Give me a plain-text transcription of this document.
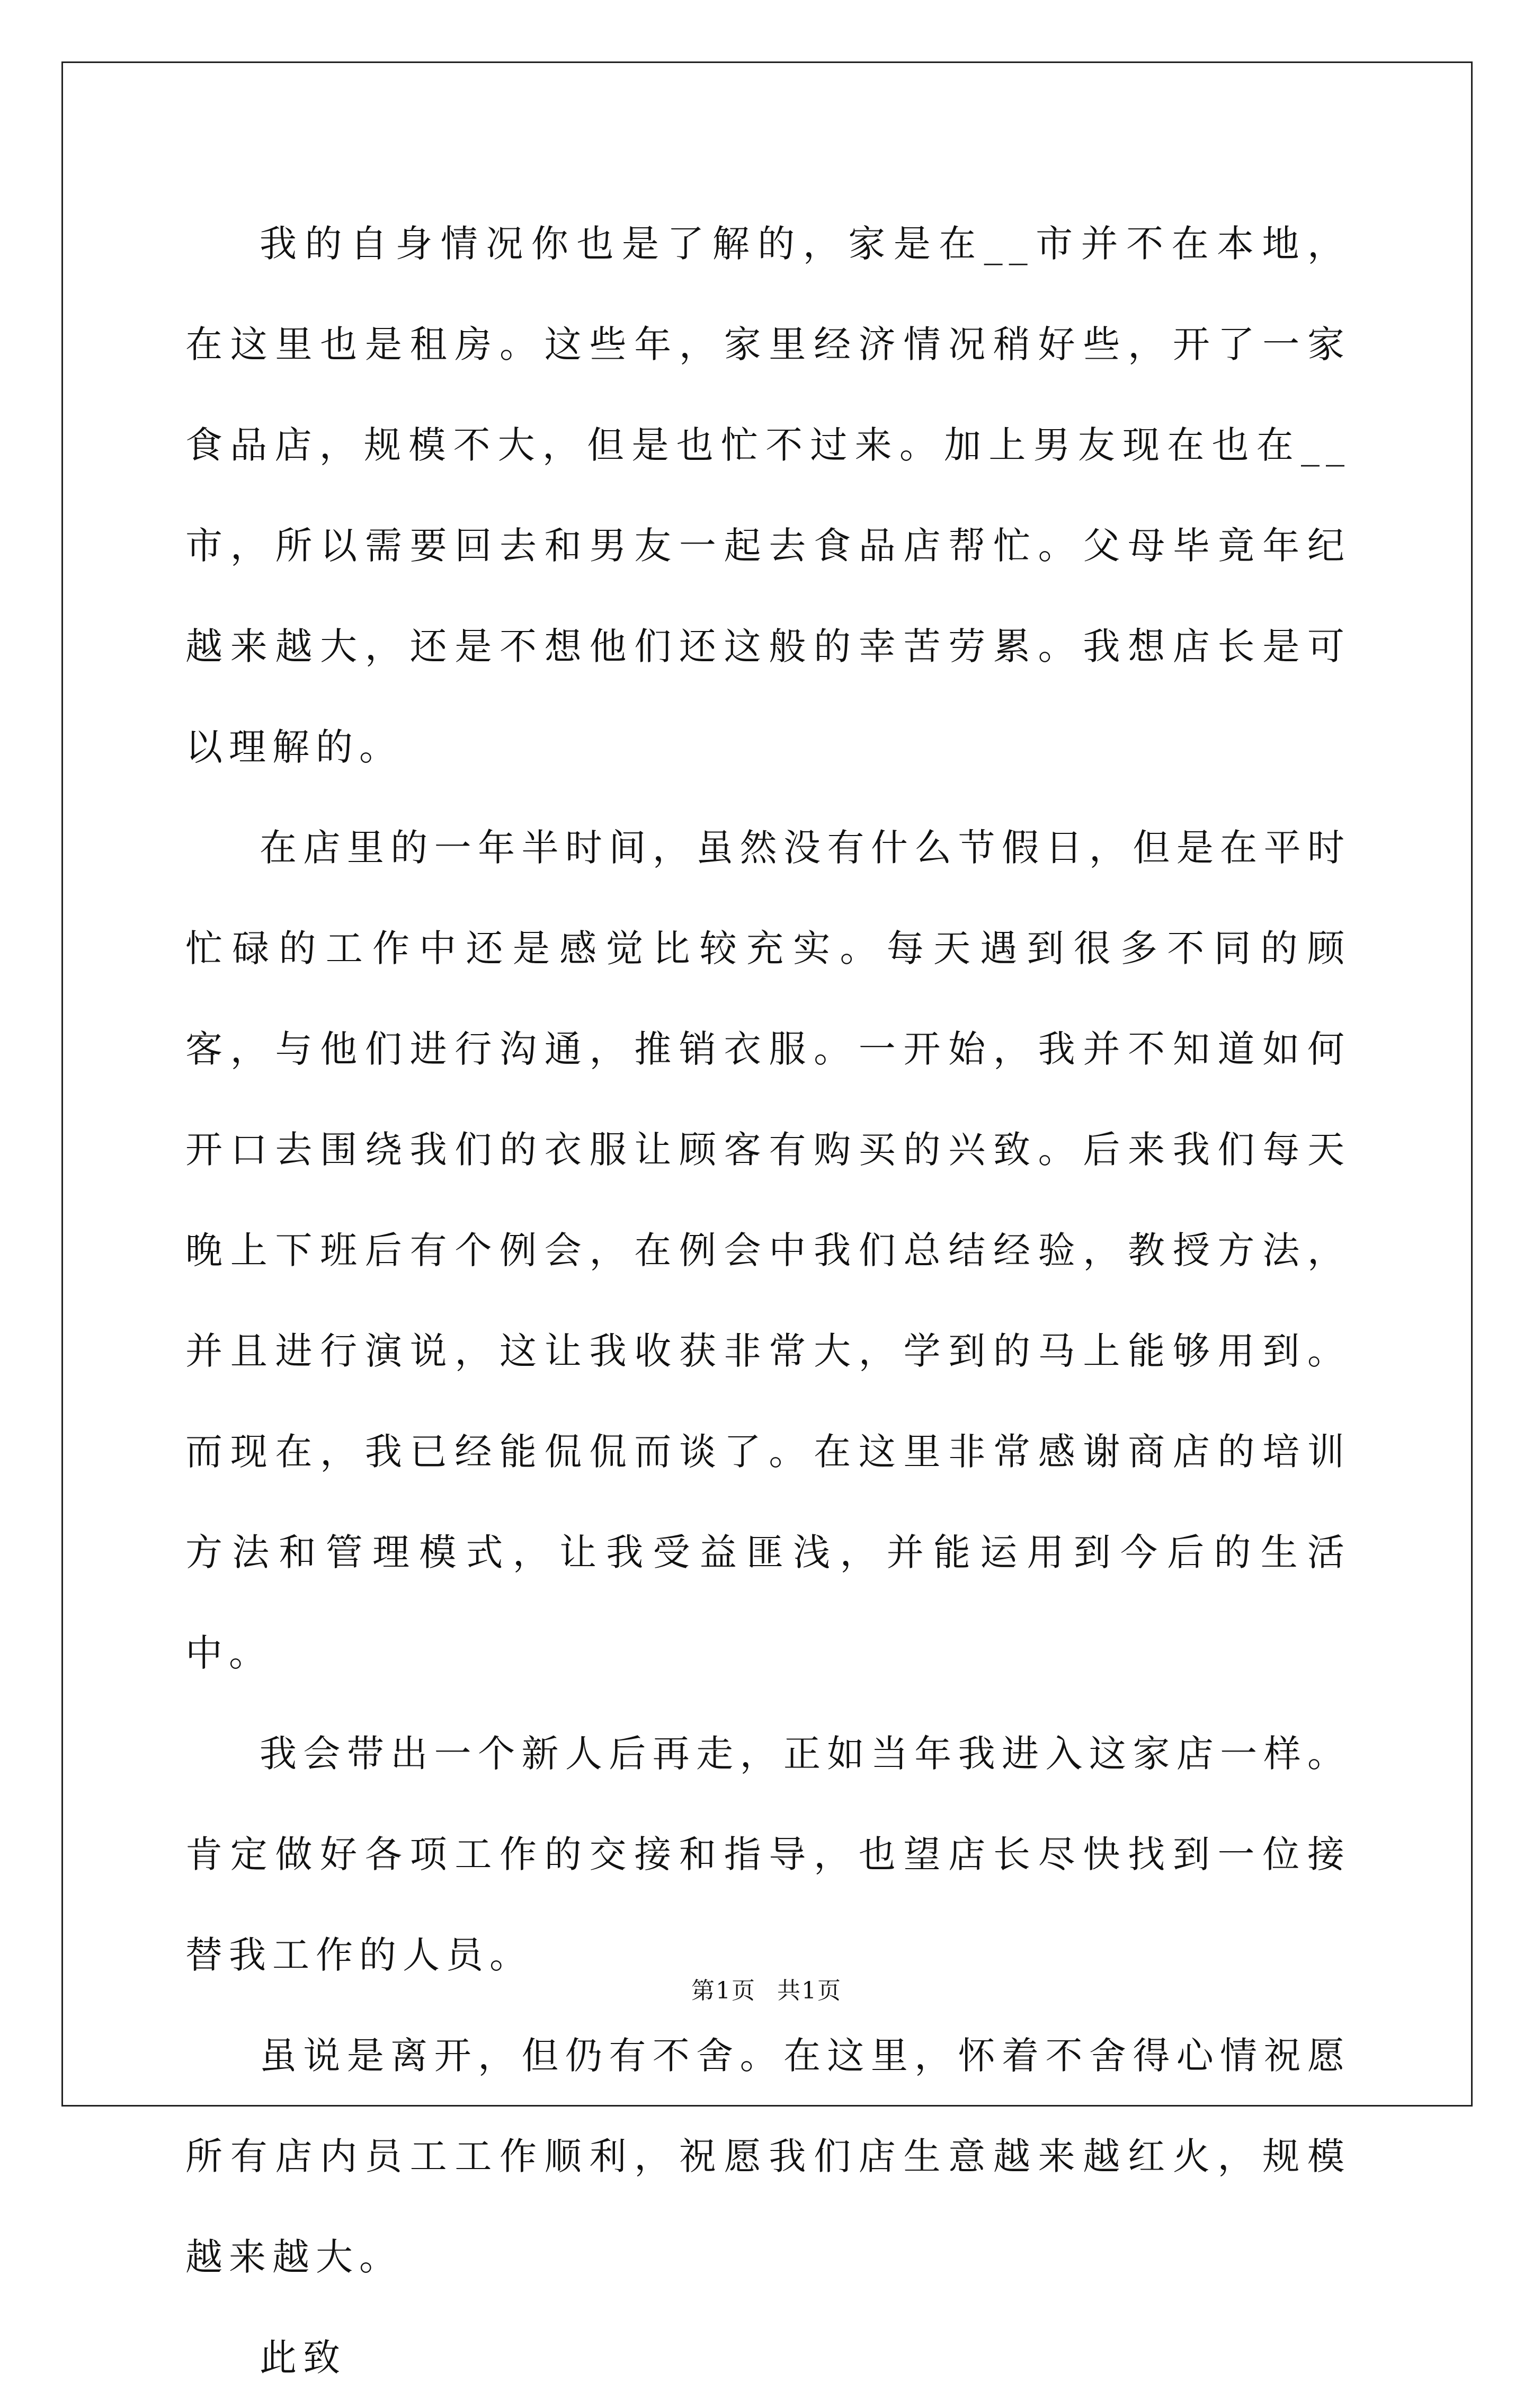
我的自身情况你也是了解的，家是在__市并不在本地，在这里也是租房。这些年，家里经济情况稍好些，开了一家食品店，规模不大，但是也忙不过来。加上男友现在也在__市，所以需要回去和男友一起去食品店帮忙。父母毕竟年纪越来越大，还是不想他们还这般的幸苦劳累。我想店长是可以理解的。

在店里的一年半时间，虽然没有什么节假日，但是在平时忙碌的工作中还是感觉比较充实。每天遇到很多不同的顾客，与他们进行沟通，推销衣服。一开始，我并不知道如何开口去围绕我们的衣服让顾客有购买的兴致。后来我们每天晚上下班后有个例会，在例会中我们总结经验，教授方法，并且进行演说，这让我收获非常大，学到的马上能够用到。而现在，我已经能侃侃而谈了。在这里非常感谢商店的培训方法和管理模式，让我受益匪浅，并能运用到今后的生活中。

我会带出一个新人后再走，正如当年我进入这家店一样。肯定做好各项工作的交接和指导，也望店长尽快找到一位接替我工作的人员。

虽说是离开，但仍有不舍。在这里，怀着不舍得心情祝愿所有店内员工工作顺利，祝愿我们店生意越来越红火，规模越来越大。

此致

第1页 共1页
